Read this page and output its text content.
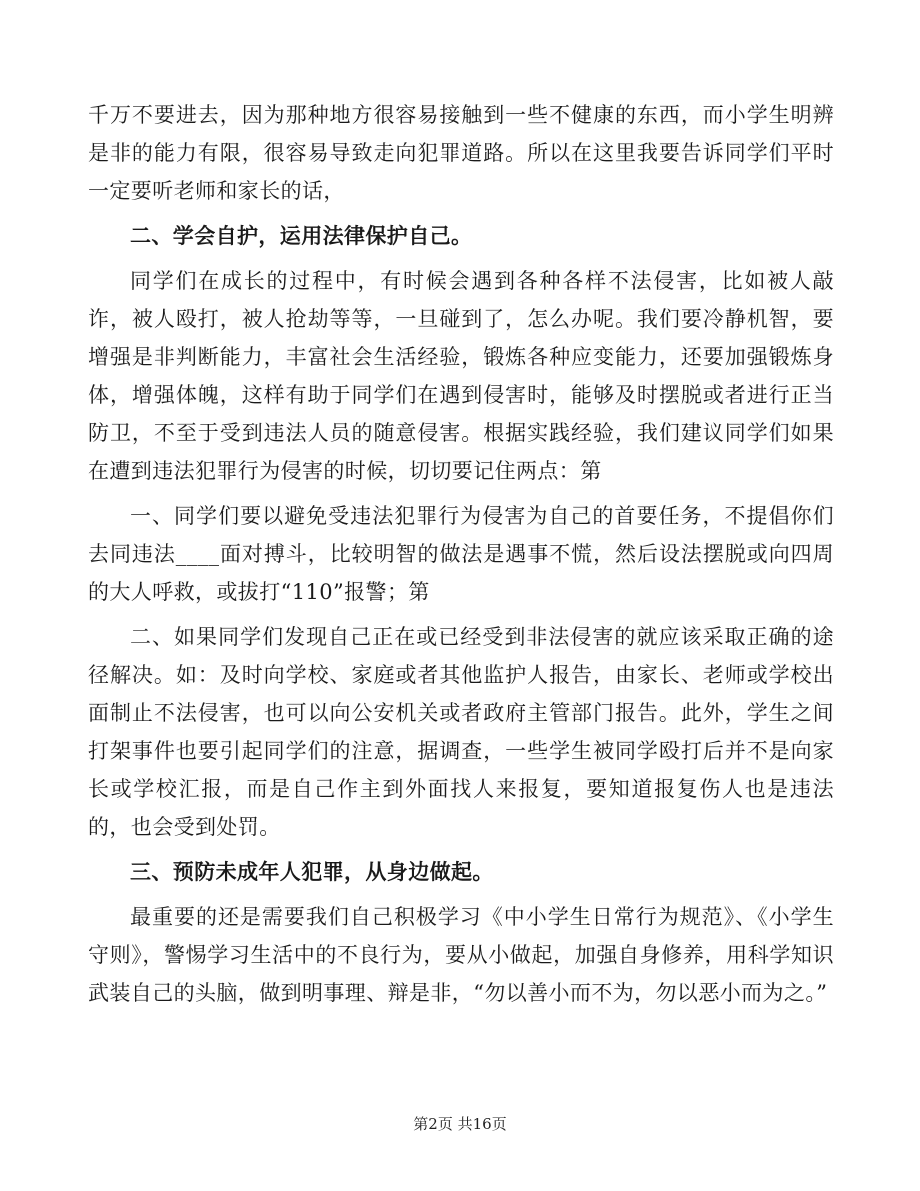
千万不要进去，因为那种地方很容易接触到一些不健康的东西，而小学生明辨是非的能力有限，很容易导致走向犯罪道路。所以在这里我要告诉同学们平时一定要听老师和家长的话，

二、学会自护，运用法律保护自己。

同学们在成长的过程中，有时候会遇到各种各样不法侵害，比如被人敲诈，被人殴打，被人抢劫等等，一旦碰到了，怎么办呢。我们要冷静机智，要增强是非判断能力，丰富社会生活经验，锻炼各种应变能力，还要加强锻炼身体，增强体魄，这样有助于同学们在遇到侵害时，能够及时摆脱或者进行正当防卫，不至于受到违法人员的随意侵害。根据实践经验，我们建议同学们如果在遭到违法犯罪行为侵害的时候，切切要记住两点：第

一、同学们要以避免受违法犯罪行为侵害为自己的首要任务，不提倡你们去同违法____面对搏斗，比较明智的做法是遇事不慌，然后设法摆脱或向四周的大人呼救，或拔打“110”报警；第

二、如果同学们发现自己正在或已经受到非法侵害的就应该采取正确的途径解决。如：及时向学校、家庭或者其他监护人报告，由家长、老师或学校出面制止不法侵害，也可以向公安机关或者政府主管部门报告。此外，学生之间打架事件也要引起同学们的注意，据调查，一些学生被同学殴打后并不是向家长或学校汇报，而是自己作主到外面找人来报复，要知道报复伤人也是违法的，也会受到处罚。

三、预防未成年人犯罪，从身边做起。

最重要的还是需要我们自己积极学习《中小学生日常行为规范》、《小学生守则》，警惕学习生活中的不良行为，要从小做起，加强自身修养，用科学知识武装自己的头脑，做到明事理、辩是非，“勿以善小而不为，勿以恶小而为之。”

第2页 共16页
